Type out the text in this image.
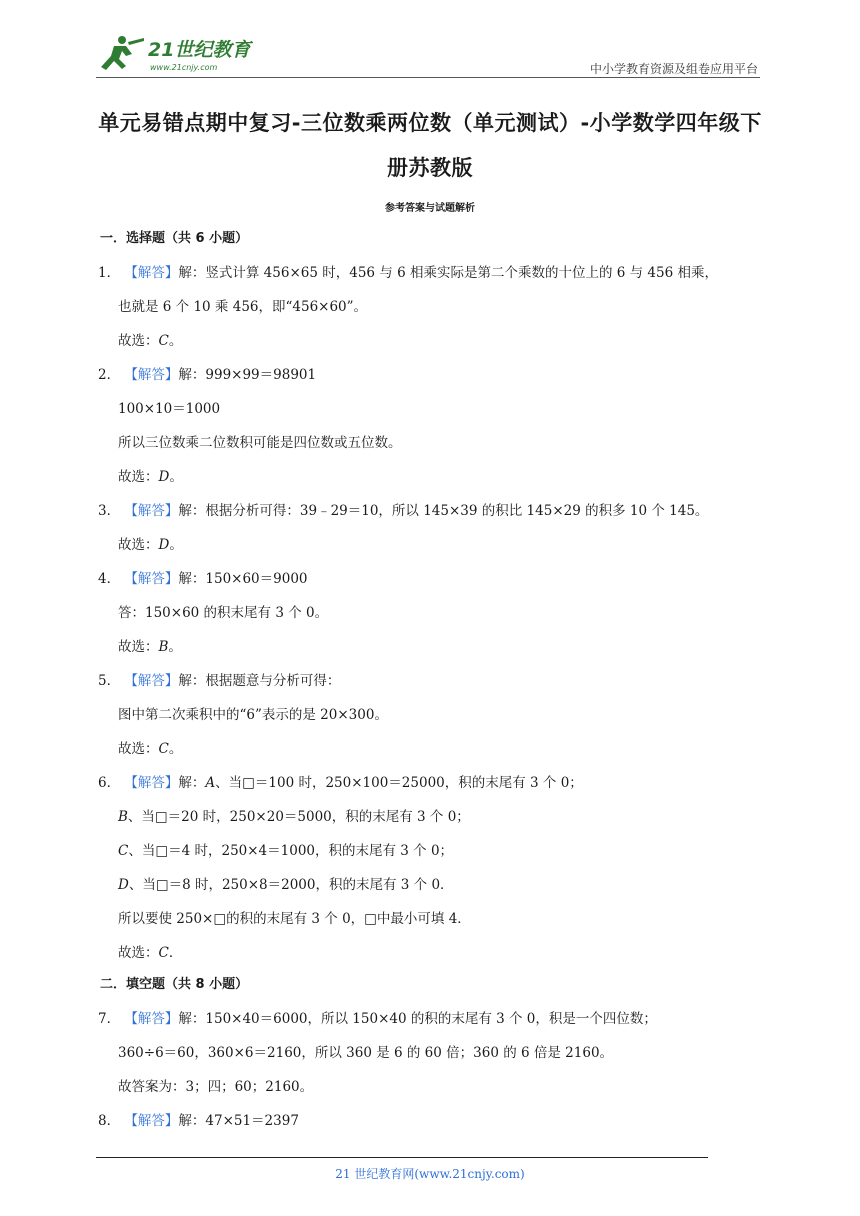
21世纪教育
www.21cnjy.com	中小学教育资源及组卷应用平台
单元易错点期中复习-三位数乘两位数（单元测试）-小学数学四年级下
册苏教版
参考答案与试题解析
一．选择题（共 6 小题）
1． 【解答】解：竖式计算 456×65 时，456 与 6 相乘实际是第二个乘数的十位上的 6 与 456 相乘，
也就是 6 个 10 乘 456，即“456×60”。
故选：C。
2． 【解答】解：999×99＝98901
100×10＝1000
所以三位数乘二位数积可能是四位数或五位数。
故选：D。
3． 【解答】解：根据分析可得：39﹣29＝10，所以 145×39 的积比 145×29 的积多 10 个 145。
故选：D。
4． 【解答】解：150×60＝9000
答：150×60 的积末尾有 3 个 0。
故选：B。
5． 【解答】解：根据题意与分析可得：
图中第二次乘积中的“6”表示的是 20×300。
故选：C。
6． 【解答】解：A、当□＝100 时，250×100＝25000，积的末尾有 3 个 0；
B、当□＝20 时，250×20＝5000，积的末尾有 3 个 0；
C、当□＝4 时，250×4＝1000，积的末尾有 3 个 0；
D、当□＝8 时，250×8＝2000，积的末尾有 3 个 0．
所以要使 250×□的积的末尾有 3 个 0，□中最小可填 4．
故选：C．
二．填空题（共 8 小题）
7． 【解答】解：150×40＝6000，所以 150×40 的积的末尾有 3 个 0，积是一个四位数；
360÷6＝60，360×6＝2160，所以 360 是 6 的 60 倍；360 的 6 倍是 2160。
故答案为：3；四；60；2160。
8． 【解答】解：47×51＝2397
21 世纪教育网(www.21cnjy.com)
